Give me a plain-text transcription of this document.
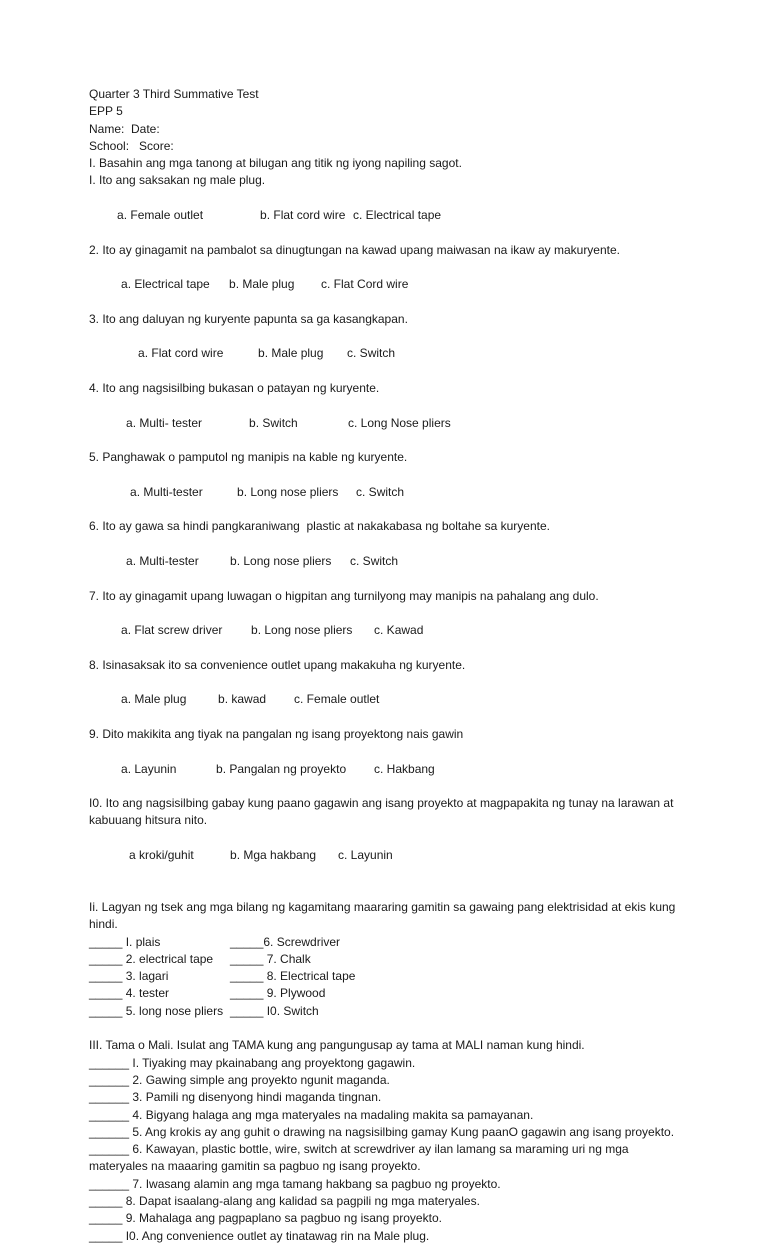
Quarter 3 Third Summative Test
EPP 5
Name:  Date:
School:   Score:
I. Basahin ang mga tanong at bilugan ang titik ng iyong napiling sagot.
I. Ito ang saksakan ng male plug.

a. Female outlet	b. Flat cord wire c. Electrical tape

2. Ito ay ginagamit na pambalot sa dinugtungan na kawad upang maiwasan na ikaw ay makuryente.

a. Electrical tape b. Male plug c. Flat Cord wire

3. Ito ang daluyan ng kuryente papunta sa ga kasangkapan.

a. Flat cord wire	b. Male plug c. Switch

4. Ito ang nagsisilbing bukasan o patayan ng kuryente.

a. Multi- tester	b. Switch	c. Long Nose pliers

5. Panghawak o pamputol ng manipis na kable ng kuryente.

a. Multi-tester	b. Long nose pliers c. Switch

6. Ito ay gawa sa hindi pangkaraniwang  plastic at nakakabasa ng boltahe sa kuryente.

a. Multi-tester	b. Long nose pliers c. Switch

7. Ito ay ginagamit upang luwagan o higpitan ang turnilyong may manipis na pahalang ang dulo.

a. Flat screw driver b. Long nose pliers c. Kawad

8. Isinasaksak ito sa convenience outlet upang makakuha ng kuryente.

a. Male plug	b. kawad c. Female outlet

9. Dito makikita ang tiyak na pangalan ng isang proyektong nais gawin

a. Layunin	b. Pangalan ng proyekto c. Hakbang

I0. Ito ang nagsisilbing gabay kung paano gagawin ang isang proyekto at magpapakita ng tunay na larawan at kabuuang hitsura nito.

a kroki/guhit	b. Mga hakbang c. Layunin

Ii. Lagyan ng tsek ang mga bilang ng kagamitang maararing gamitin sa gawaing pang elektrisidad at ekis kung hindi.
_____ I. plais	_____6. Screwdriver
_____ 2. electrical tape _____ 7. Chalk
_____ 3. lagari	_____ 8. Electrical tape
_____ 4. tester	_____ 9. Plywood
_____ 5. long nose pliers _____ I0. Switch
III. Tama o Mali. Isulat ang TAMA kung ang pangungusap ay tama at MALI naman kung hindi.
______ I. Tiyaking may pkainabang ang proyektong gagawin.
______ 2. Gawing simple ang proyekto ngunit maganda.
______ 3. Pamili ng disenyong hindi maganda tingnan.
______ 4. Bigyang halaga ang mga materyales na madaling makita sa pamayanan.
______ 5. Ang krokis ay ang guhit o drawing na nagsisilbing gamay Kung paanO gagawin ang isang proyekto.
______ 6. Kawayan, plastic bottle, wire, switch at screwdriver ay ilan lamang sa maraming uri ng mga materyales na maaaring gamitin sa pagbuo ng isang proyekto.
______ 7. Iwasang alamin ang mga tamang hakbang sa pagbuo ng proyekto.
_____ 8. Dapat isaalang-alang ang kalidad sa pagpili ng mga materyales.
_____ 9. Mahalaga ang pagpaplano sa pagbuo ng isang proyekto.
_____ I0. Ang convenience outlet ay tinatawag rin na Male plug.
